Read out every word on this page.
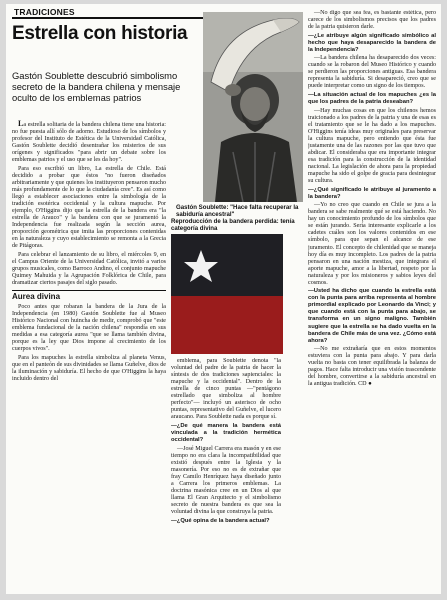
TRADICIONES
Estrella con historia
Gastón Soublette descubrió simbolismo secreto de la bandera chilena y mensaje oculto de los emblemas patrios
Gastón Soublette: "Hace falta recuperar la sabiduría ancestral"
Reproducción de la bandera perdida: tenía categoría divina

La estrella solitaria de la bandera chilena tiene una historia: no fue puesta allí sólo de adorno. Estudioso de los símbolos y profesor del Instituto de Estética de la Universidad Católica, Gastón Soublette decidió desentrañar los misterios de sus orígenes y significados "para abrir un debate sobre los emblemas patrios y el uso que se les da hoy".

Para eso escribió un libro, La estrella de Chile. Está decidido a probar que éstos "no fueron diseñados arbitrariamente y que quienes los instituyeron pensaron mucho más profundamente de lo que la ciudadanía cree". Es así como llegó a establecer asociaciones entre la simbología de la tradición esotérica occidental y la cultura mapuche. Por ejemplo, O'Higgins dijo que la estrella de la bandera era "la estrella de Arauco" y la bandera con que se juramentó la Independencia fue realizada según la sección aurea, proporción geométrica que imita las proporciones contenidas en la naturaleza y cuyo establecimiento se remonta a la Grecia de Pitágoras.

Para celebrar el lanzamiento de su libro, el miércoles 9, en el Campus Oriente de la Universidad Católica, invitó a varios grupos musicales, como Barroco Andino, el conjunto mapuche Quimey Mahuida y la Agrupación Folklórica de Chile, para dramatizar ciertos pasajes del siglo pasado.

Aurea divina

Poco antes que robaran la bandera de la Jura de la Independencia (en 1980) Gastón Soublette fue al Museo Histórico Nacional con huincha de medir, comprobó que "este emblema fundacional de la nación chilena" respondía en sus medidas a esa categoría aurea "que se llama también divina, porque es la ley que Dios impone al crecimiento de los cuerpos vivos".

Para los mapuches la estrella simboliza al planeta Venus, que en el panteón de sus divinidades se llama Guñelve, dios de la iluminación y sabiduría. El hecho de que O'Higgins la haya incluido dentro del

emblema, para Soublette denota "la voluntad del padre de la patria de hacer la síntesis de dos tradiciones sapienciales: la mapuche y la occidental". Dentro de la estrella de cinco puntas —"pentágono estrellado que simboliza al hombre perfecto"— incluyó un asterisco de ocho puntas, representativo del Guñelve, el lucero araucano. Para Soublette nada es porque sí.

—¿De qué manera la bandera está vinculada a la tradición hermética occidental?

—José Miguel Carrera era masón y en ese tiempo no era clara la incompatibilidad que existió después entre la Iglesia y la masonería. Por eso no es de extrañar que fray Camilo Henríquez haya diseñado junto a Carrera los primeros emblemas. La doctrina masónica cree en un Dios al que llama El Gran Arquitecto y el simbolismo secreto de nuestra bandera es que sea la voluntad divina la que construya la patria.

—¿Qué opina de la bandera actual?

—No digo que sea fea, es bastante estética, pero carece de los simbolismos precisos que los padres de la patria quisieron darle.

—¿Le atribuye algún significado simbólico al hecho que haya desaparecido la bandera de la Independencia?

—La bandera chilena ha desaparecido dos veces: cuando se la robaron del Museo Histórico y cuando se perdieron las proporciones antiguas. Esa bandera representa la sabiduría. Si desapareció, creo que se puede interpretar como un signo de los tiempos.

—La situación actual de los mapuches ¿es la que los padres de la patria deseaban?

—Hay muchas cosas en que los chilenos hemos traicionado a los padres de la patria y una de esas es el tratamiento que se le ha dado a los mapuches. O'Higgins tenía ideas muy originales para preservar la cultura mapuche, pero entiendo que ésta fue justamente una de las razones por las que tuvo que abdicar. El consideraba que era importante integrar esa tradición para la construcción de la identidad nacional. La legislación de ahora para la propiedad mapuche ha sido el golpe de gracia para desintegrar su cultura.

—¿Qué significado le atribuye al juramento a la bandera?

—Yo no creo que cuando en Chile se jura a la bandera se sabe realmente qué se está haciendo. No hay un conocimiento profundo de los símbolos que se están jurando. Sería interesante explicarle a los cadetes cuáles son los valores contenidos en ese símbolo, para que sepan el alcance de ese juramento. El concepto de chilenidad que se maneja hoy día es muy incompleto. Los padres de la patria pensaron en una nación mestiza, que integrara el aporte mapuche, amor a la libertad, respeto por la naturaleza y por los misioneros y sabios leyes del cosmos.

—Usted ha dicho que cuando la estrella está con la punta para arriba representa al hombre primordial explicado por Leonardo da Vinci; y que cuando está con la punta para abajo, se transforma en un signo maligno. También sugiere que la estrella se ha dado vuelta en la bandera de Chile más de una vez. ¿Cómo está ahora?

—No me extrañaría que en estos momentos estuviera con la punta para abajo. Y para darla vuelta no basta con tener equilibrada la balanza de pagos. Hace falta introducir una visión trascendente del hombre, convertirse a la sabiduría ancestral en la antigua tradición. CD ●
